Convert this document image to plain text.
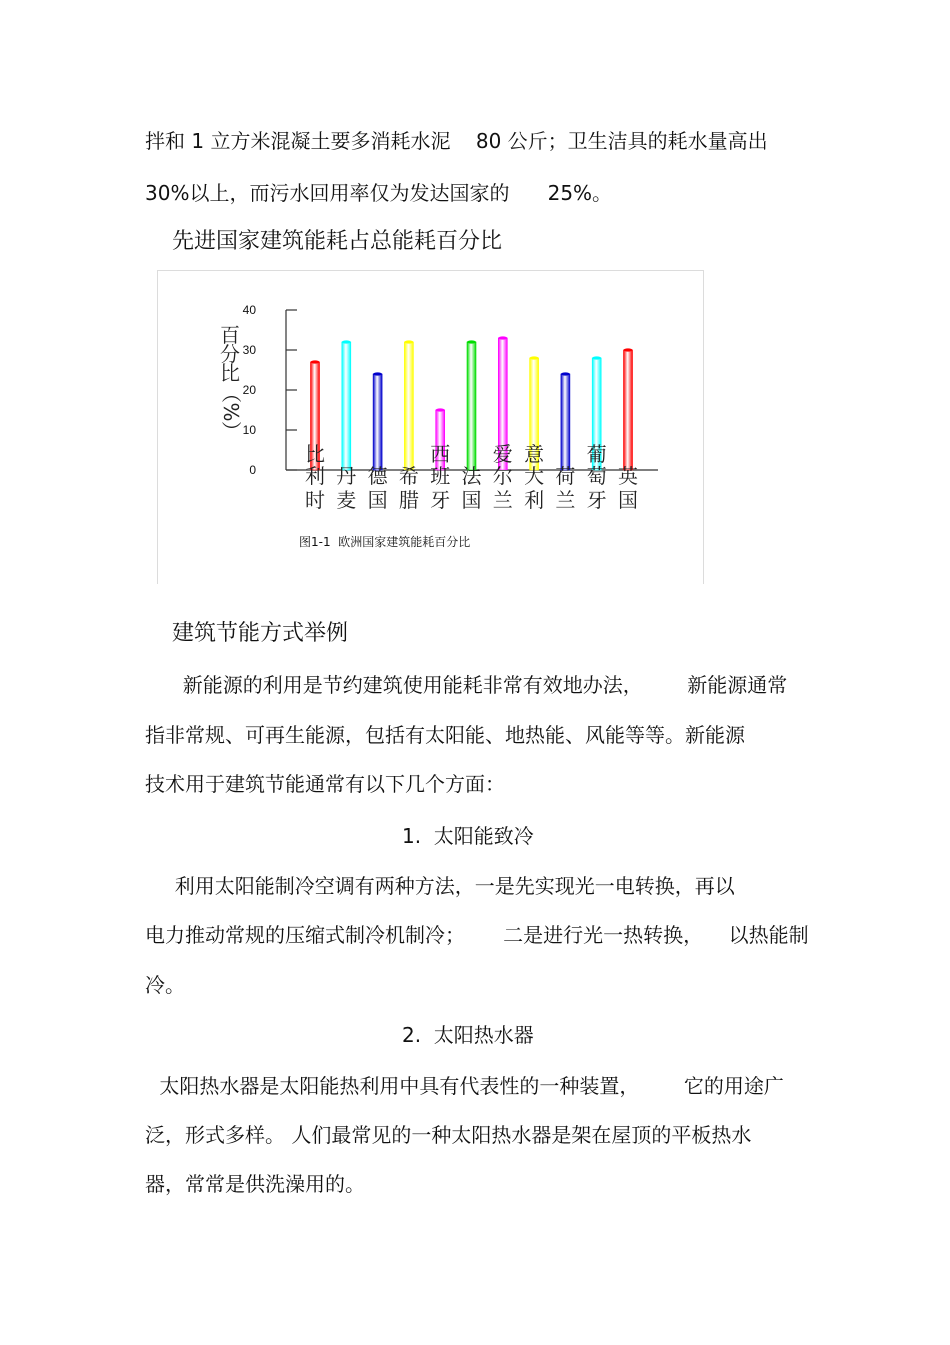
拌和 1 立方米混凝土要多消耗水泥    80 公斤；卫生洁具的耗水量高出
30%以上，而污水回用率仅为发达国家的      25%。
先进国家建筑能耗占总能耗百分比
0
10
20
30
40
）
%
（
比
分
百
时
利
比
麦
丹
国
德
腊
希
牙
班
西
国
法
兰
尔
爱
利
大
意
兰
荷
牙
萄
葡
国
英
图1-1  欧洲国家建筑能耗百分比
建筑节能方式举例
新能源的利用是节约建筑使用能耗非常有效地办法，       新能源通常
指非常规、可再生能源，包括有太阳能、地热能、风能等等。新能源
技术用于建筑节能通常有以下几个方面：
1.  太阳能致冷
利用太阳能制冷空调有两种方法，一是先实现光一电转换，再以
电力推动常规的压缩式制冷机制冷；      二是进行光一热转换，    以热能制
冷。
2.  太阳热水器
太阳热水器是太阳能热利用中具有代表性的一种装置，       它的用途广
泛，形式多样。 人们最常见的一种太阳热水器是架在屋顶的平板热水
器，常常是供洗澡用的。
